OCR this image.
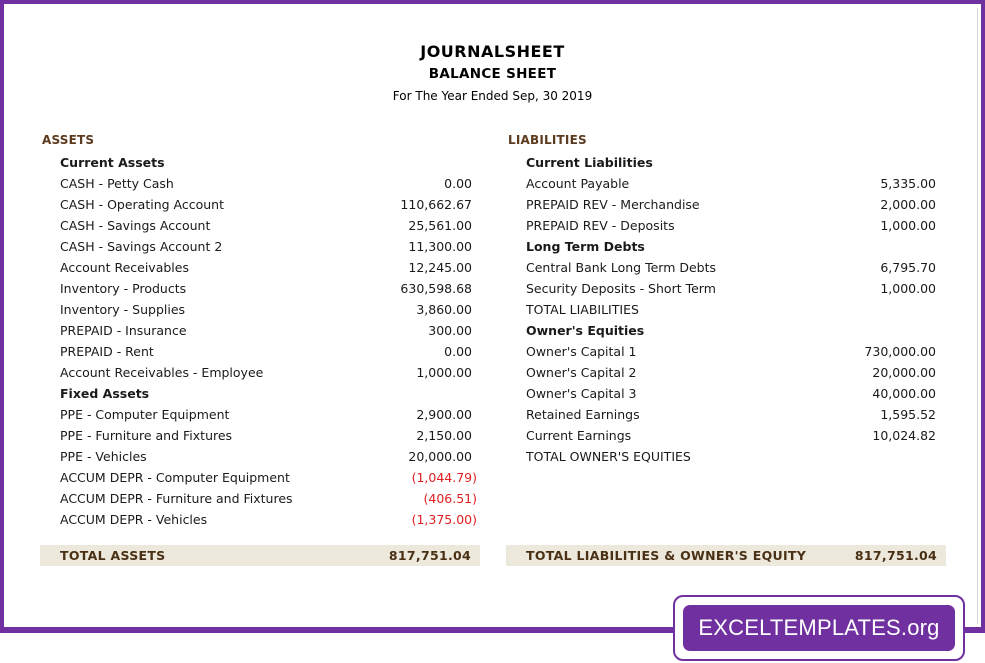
JOURNALSHEET
BALANCE SHEET
For The Year Ended Sep, 30 2019
ASSETS
Current Assets
CASH - Petty Cash	0.00
CASH - Operating Account	110,662.67
CASH - Savings Account	25,561.00
CASH - Savings Account 2	11,300.00
Account Receivables	12,245.00
Inventory - Products	630,598.68
Inventory - Supplies	3,860.00
PREPAID - Insurance	300.00
PREPAID - Rent	0.00
Account Receivables - Employee	1,000.00
Fixed Assets
PPE - Computer Equipment	2,900.00
PPE - Furniture and Fixtures	2,150.00
PPE - Vehicles	20,000.00
ACCUM DEPR - Computer Equipment	(1,044.79)
ACCUM DEPR - Furniture and Fixtures	(406.51)
ACCUM DEPR - Vehicles	(1,375.00)
LIABILITIES
Current Liabilities
Account Payable	5,335.00
PREPAID REV - Merchandise	2,000.00
PREPAID REV - Deposits	1,000.00
Long Term Debts
Central Bank Long Term Debts	6,795.70
Security Deposits - Short Term	1,000.00
TOTAL LIABILITIES
Owner's Equities
Owner's Capital 1	730,000.00
Owner's Capital 2	20,000.00
Owner's Capital 3	40,000.00
Retained Earnings	1,595.52
Current Earnings	10,024.82
TOTAL OWNER'S EQUITIES
TOTAL ASSETS	817,751.04	TOTAL LIABILITIES & OWNER'S EQUITY	817,751.04
EXCELTEMPLATES.org
